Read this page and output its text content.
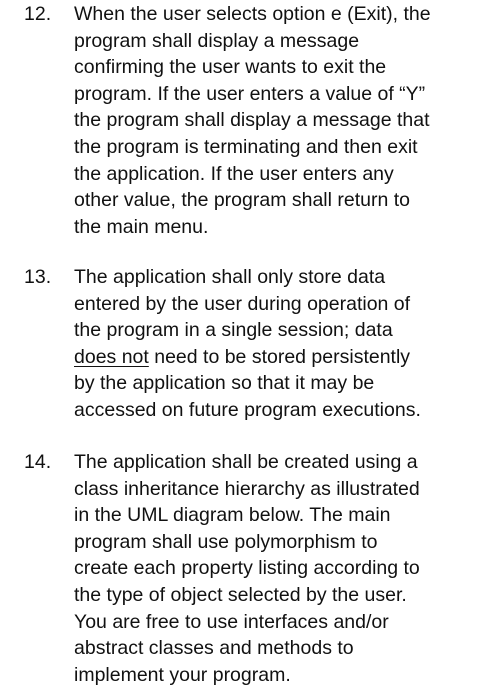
12.	When the user selects option e (Exit), the
program shall display a message
confirming the user wants to exit the
program. If the user enters a value of “Y”
the program shall display a message that
the program is terminating and then exit
the application. If the user enters any
other value, the program shall return to
the main menu.
13.	The application shall only store data
entered by the user during operation of
the program in a single session; data
does not need to be stored persistently
by the application so that it may be
accessed on future program executions.
14.	The application shall be created using a
class inheritance hierarchy as illustrated
in the UML diagram below. The main
program shall use polymorphism to
create each property listing according to
the type of object selected by the user.
You are free to use interfaces and/or
abstract classes and methods to
implement your program.
